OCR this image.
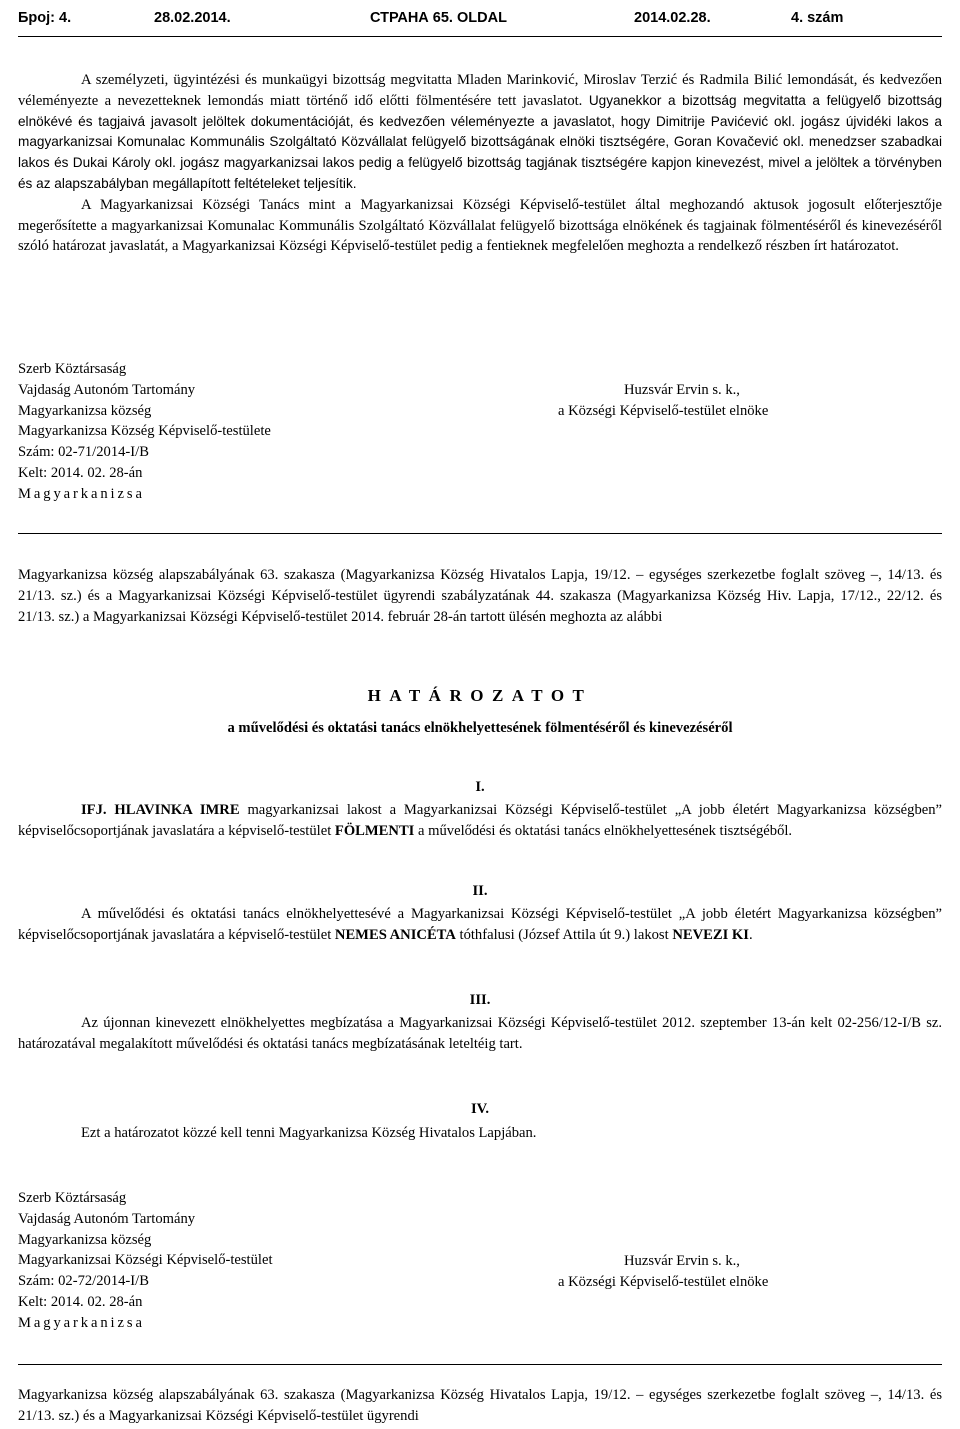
Број: 4.	28.02.2014.	СТРАНА 65. OLDAL	2014.02.28.	4. szám

A személyzeti, ügyintézési és munkaügyi bizottság megvitatta Mladen Marinković, Miroslav Terzić és Radmila Bilić lemondását, és kedvezően véleményezte a nevezetteknek lemondás miatt történő idő előtti fölmentésére tett javaslatot. Ugyanekkor a bizottság megvitatta a felügyelő bizottság elnökévé és tagjaivá javasolt jelöltek dokumentációját, és kedvezően véleményezte a javaslatot, hogy Dimitrije Pavićević okl. jogász újvidéki lakos a magyarkanizsai Komunalac Kommunális Szolgáltató Közvállalat felügyelő bizottságának elnöki tisztségére, Goran Kovačević okl. menedzser szabadkai lakos és Dukai Károly okl. jogász magyarkanizsai lakos pedig a felügyelő bizottság tagjának tisztségére kapjon kinevezést, mivel a jelöltek a törvényben és az alapszabályban megállapított feltételeket teljesítik.

A Magyarkanizsai Községi Tanács mint a Magyarkanizsai Községi Képviselő-testület által meghozandó aktusok jogosult előterjesztője megerősítette a magyarkanizsai Komunalac Kommunális Szolgáltató Közvállalat felügyelő bizottsága elnökének és tagjainak fölmentéséről és kinevezéséről szóló határozat javaslatát, a Magyarkanizsai Községi Képviselő-testület pedig a fentieknek megfelelően meghozta a rendelkező részben írt határozatot.

Szerb Köztársaság
Vajdaság Autonóm Tartomány
Magyarkanizsa község
Magyarkanizsa Község Képviselő-testülete
Szám: 02-71/2014-I/B
Kelt: 2014. 02. 28-án
Magyarkanizsa
Huzsvár Ervin s. k.,
a Községi Képviselő-testület elnöke
Magyarkanizsa község alapszabályának 63. szakasza (Magyarkanizsa Község Hivatalos Lapja, 19/12. – egységes szerkezetbe foglalt szöveg –, 14/13. és 21/13. sz.) és a Magyarkanizsai Községi Képviselő-testület ügyrendi szabályzatának 44. szakasza (Magyarkanizsa Község Hiv. Lapja, 17/12., 22/12. és 21/13. sz.) a Magyarkanizsai Községi Képviselő-testület 2014. február 28-án tartott ülésén meghozta az alábbi
HATÁROZATOT
a művelődési és oktatási tanács elnökhelyettesének fölmentéséről és kinevezéséről
I.

IFJ. HLAVINKA IMRE magyarkanizsai lakost a Magyarkanizsai Községi Képviselő-testület „A jobb életért Magyarkanizsa községben” képviselőcsoportjának javaslatára a képviselő-testület FÖLMENTI a művelődési és oktatási tanács elnökhelyettesének tisztségéből.

II.

A művelődési és oktatási tanács elnökhelyettesévé a Magyarkanizsai Községi Képviselő-testület „A jobb életért Magyarkanizsa községben” képviselőcsoportjának javaslatára a képviselő-testület NEMES ANICÉTA tóthfalusi (József Attila út 9.) lakost NEVEZI KI.

III.

Az újonnan kinevezett elnökhelyettes megbízatása a Magyarkanizsai Községi Képviselő-testület 2012. szeptember 13-án kelt 02-256/12-I/B sz. határozatával megalakított művelődési és oktatási tanács megbízatásának leteltéig tart.

IV.

Ezt a határozatot közzé kell tenni Magyarkanizsa Község Hivatalos Lapjában.

Szerb Köztársaság
Vajdaság Autonóm Tartomány
Magyarkanizsa község
Magyarkanizsai Községi Képviselő-testület
Szám: 02-72/2014-I/B
Kelt: 2014. 02. 28-án
Magyarkanizsa
Huzsvár Ervin s. k.,
a Községi Képviselő-testület elnöke
Magyarkanizsa község alapszabályának 63. szakasza (Magyarkanizsa Község Hivatalos Lapja, 19/12. – egységes szerkezetbe foglalt szöveg –, 14/13. és 21/13. sz.) és a Magyarkanizsai Községi Képviselő-testület ügyrendi
